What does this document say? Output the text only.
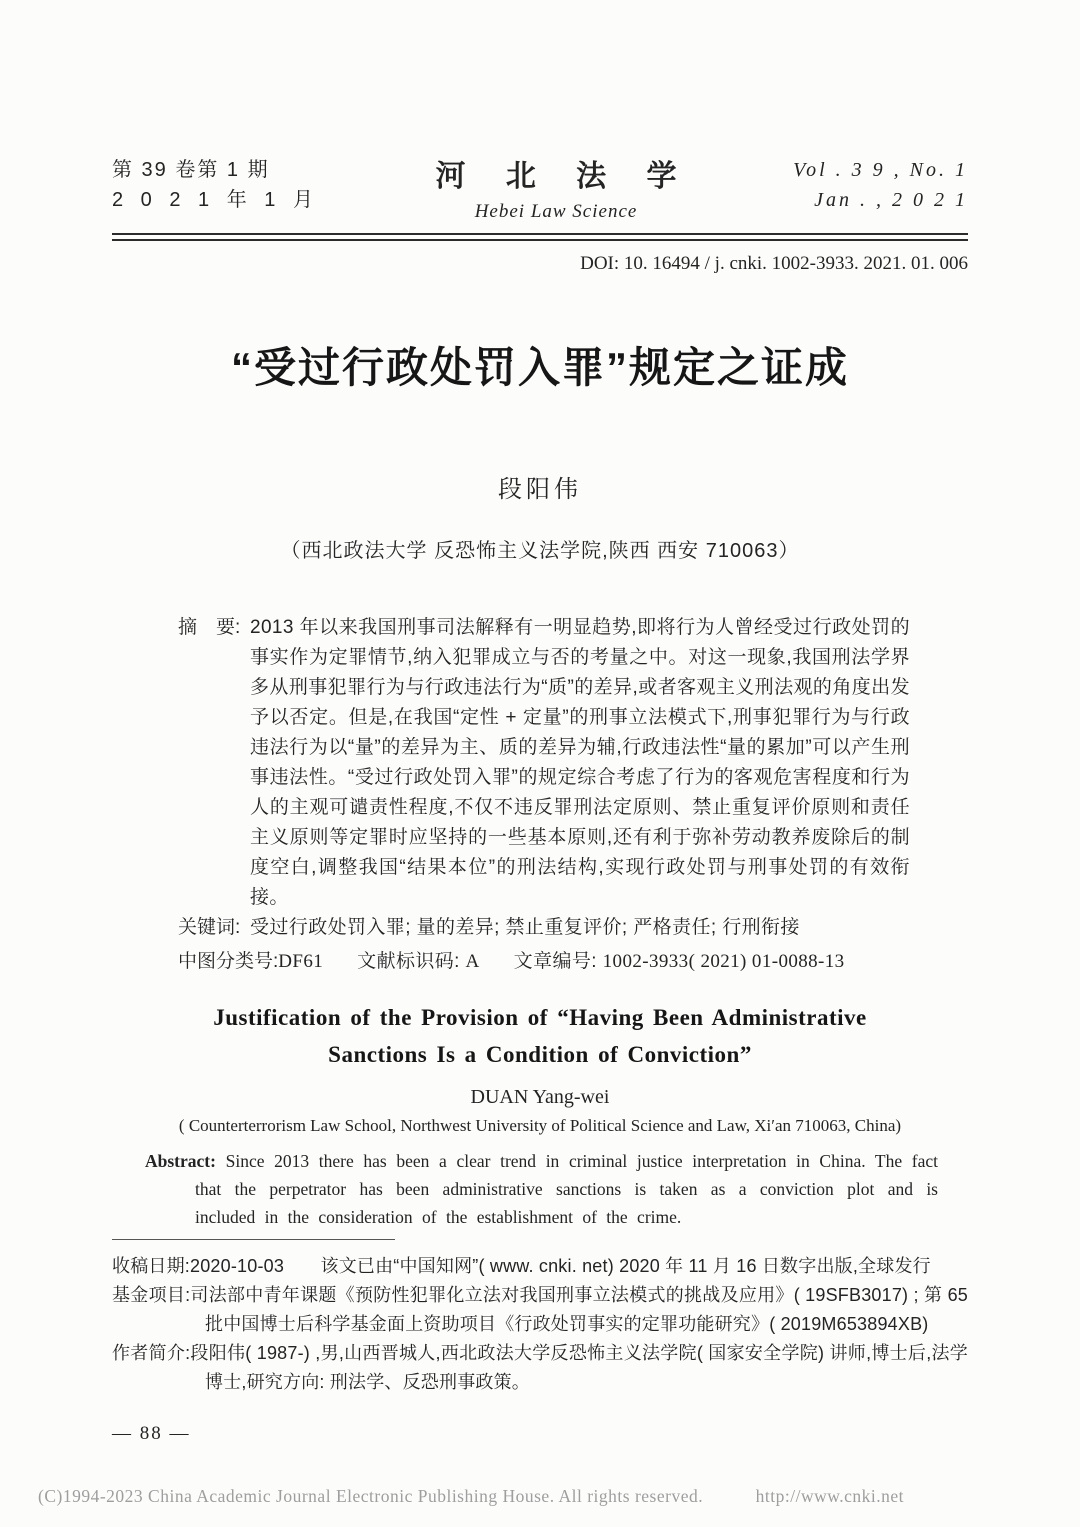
第 39 卷第 1 期
2 0 2 1 年 1 月
河 北 法 学
Hebei Law Science
Vol . 3 9 , No. 1
Jan . , 2 0 2 1
DOI: 10. 16494 / j. cnki. 1002-3933. 2021. 01. 006
“受过行政处罚入罪”规定之证成
段阳伟
（西北政法大学 反恐怖主义法学院,陕西 西安 710063）
摘　要: 2013 年以来我国刑事司法解释有一明显趋势,即将行为人曾经受过行政处罚的事实作为定罪情节,纳入犯罪成立与否的考量之中。对这一现象,我国刑法学界多从刑事犯罪行为与行政违法行为“质”的差异,或者客观主义刑法观的角度出发予以否定。但是,在我国“定性 + 定量”的刑事立法模式下,刑事犯罪行为与行政违法行为以“量”的差异为主、质的差异为辅,行政违法性“量的累加”可以产生刑事违法性。“受过行政处罚入罪”的规定综合考虑了行为的客观危害程度和行为人的主观可谴责性程度,不仅不违反罪刑法定原则、禁止重复评价原则和责任主义原则等定罪时应坚持的一些基本原则,还有利于弥补劳动教养废除后的制度空白,调整我国“结果本位”的刑法结构,实现行政处罚与刑事处罚的有效衔接。

关键词: 受过行政处罚入罪; 量的差异; 禁止重复评价; 严格责任; 行刑衔接

中图分类号: DF61 文献标识码: A 文章编号: 1002-3933( 2021) 01-0088-13

Justification of the Provision of “Having Been Administrative
Sanctions Is a Condition of Conviction”
DUAN Yang-wei
( Counterterrorism Law School, Northwest University of Political Science and Law, Xi′an 710063, China)

Abstract: Since 2013 there has been a clear trend in criminal justice interpretation in China. The fact that the perpetrator has been administrative sanctions is taken as a conviction plot and is included in the consideration of the establishment of the crime.

收稿日期:2020-10-03　　该文已由“中国知网”( www. cnki. net) 2020 年 11 月 16 日数字出版,全球发行

基金项目:司法部中青年课题《预防性犯罪化立法对我国刑事立法模式的挑战及应用》( 19SFB3017) ; 第 65 批中国博士后科学基金面上资助项目《行政处罚事实的定罪功能研究》( 2019M653894XB)

作者简介:段阳伟( 1987-) ,男,山西晋城人,西北政法大学反恐怖主义法学院( 国家安全学院) 讲师,博士后,法学博士,研究方向: 刑法学、反恐刑事政策。

— 88 —
(C)1994-2023 China Academic Journal Electronic Publishing House. All rights reserved.	http://www.cnki.net
